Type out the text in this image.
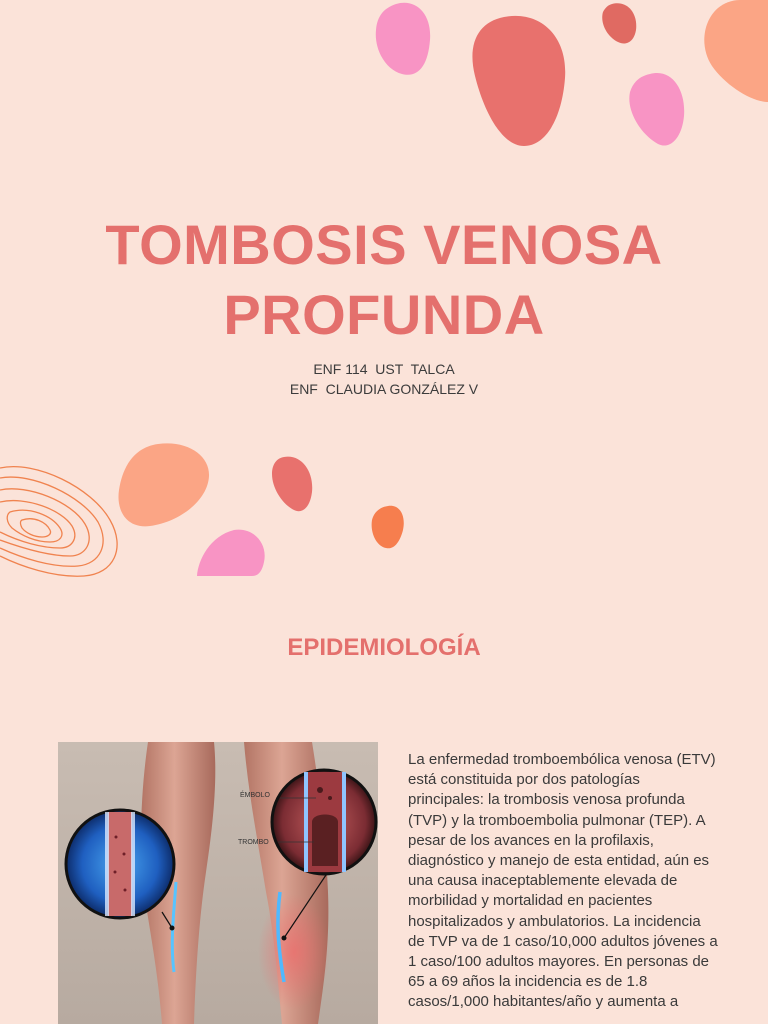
TOMBOSIS VENOSA PROFUNDA
ENF 114  UST  TALCA
ENF  CLAUDIA GONZÁLEZ V
EPIDEMIOLOGÍA
ÉMBOLO
TROMBO

La enfermedad tromboembólica venosa (ETV) está constituida por dos patologías principales: la trombosis venosa profunda (TVP) y la tromboembolia pulmonar (TEP). A pesar de los avances en la profilaxis, diagnóstico y manejo de esta entidad, aún es una causa inaceptablemente elevada de morbilidad y mortalidad en pacientes hospitalizados y ambulatorios. La incidencia de TVP va de 1 caso/10,000 adultos jóvenes a 1 caso/100 adultos mayores. En personas de 65 a 69 años la incidencia es de 1.8 casos/1,000 habitantes/año y aumenta a
